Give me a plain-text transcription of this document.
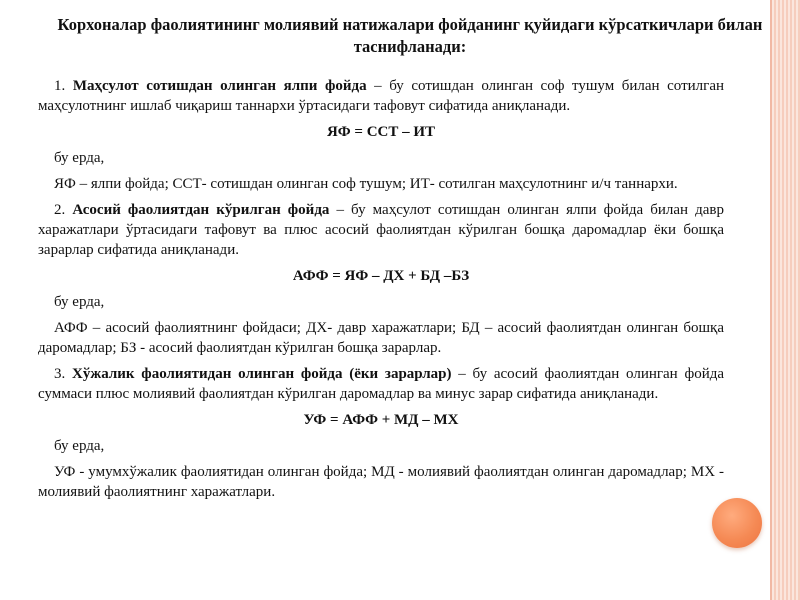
Корхоналар фаолиятининг молиявий натижалари фойданинг қуйидаги кўрсаткичлари билан таснифланади:

1. Маҳсулот сотишдан олинган ялпи фойда – бу сотишдан олинган соф тушум билан сотилган маҳсулотнинг ишлаб чиқариш таннархи ўртасидаги тафовут сифатида аниқланади.

ЯФ = ССТ – ИТ

бу ерда,

ЯФ – ялпи фойда; ССТ- сотишдан олинган соф тушум; ИТ- сотилган маҳсулотнинг и/ч таннархи.

2. Асосий фаолиятдан кўрилган фойда – бу маҳсулот сотишдан олинган ялпи фойда билан давр харажатлари ўртасидаги тафовут ва плюс асосий фаолиятдан кўрилган бошқа даромадлар ёки бошқа зарарлар сифатида аниқланади.

АФФ = ЯФ – ДХ + БД –БЗ

бу ерда,

АФФ – асосий фаолиятнинг фойдаси; ДХ- давр харажатлари; БД – асосий фаолиятдан олинган бошқа даромадлар; БЗ - асосий фаолиятдан кўрилган бошқа зарарлар.

3. Хўжалик фаолиятидан олинган фойда (ёки зарарлар) – бу асосий фаолиятдан олинган фойда суммаси плюс молиявий фаолиятдан кўрилган даромадлар ва минус зарар сифатида аниқланади.

УФ = АФФ + МД – МХ

бу ерда,

УФ - умумхўжалик фаолиятидан олинган фойда; МД - молиявий фаолиятдан олинган даромадлар; МХ - молиявий фаолиятнинг харажатлари.
